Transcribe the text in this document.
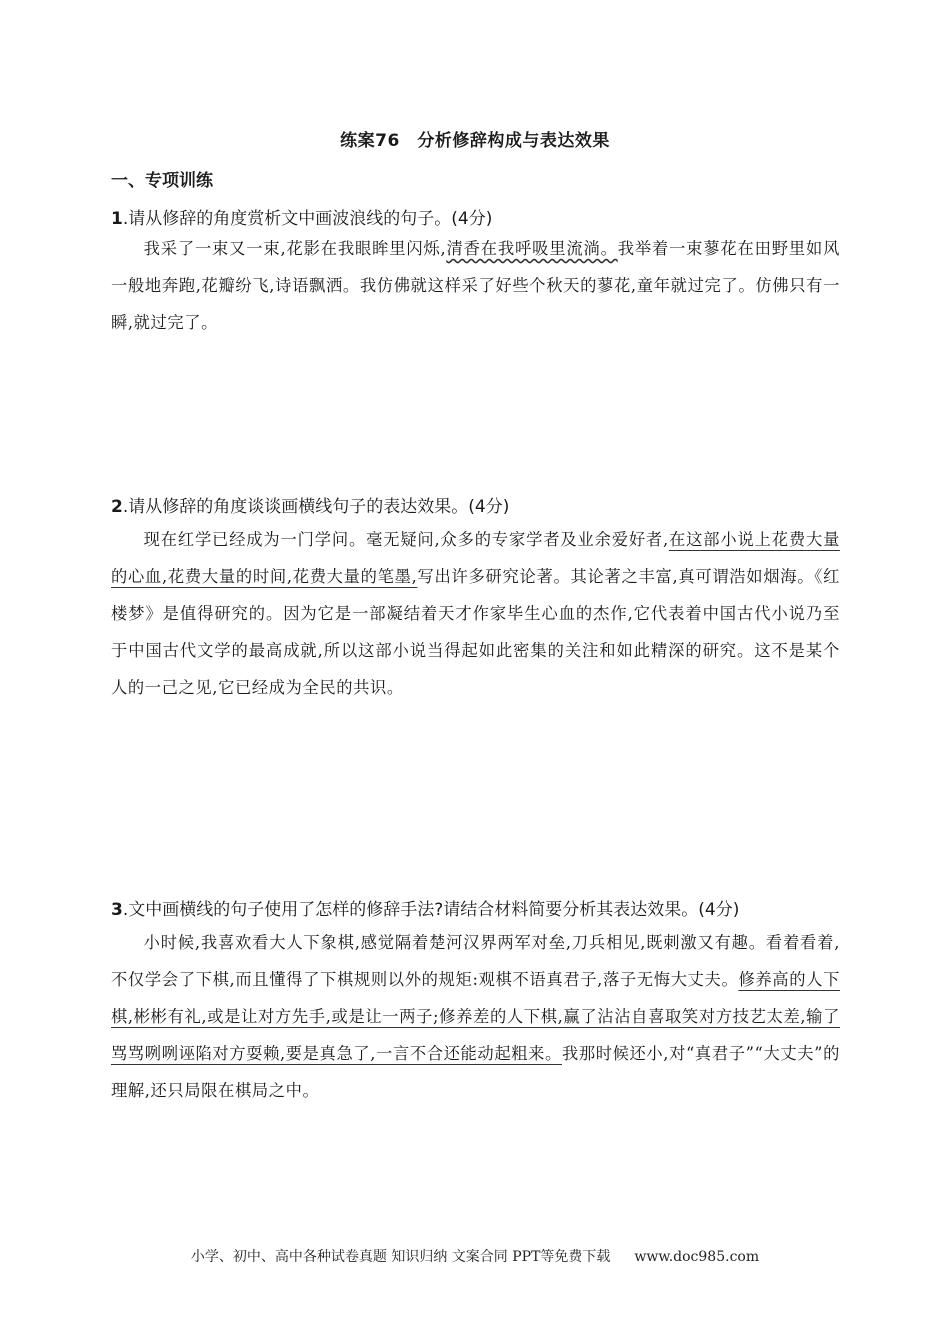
练案76　分析修辞构成与表达效果
一、专项训练
1.请从修辞的角度赏析文中画波浪线的句子。(4分)
我采了一束又一束,花影在我眼眸里闪烁,清香在我呼吸里流淌。我举着一束蓼花在田野里如风一般地奔跑,花瓣纷飞,诗语飘洒。我仿佛就这样采了好些个秋天的蓼花,童年就过完了。仿佛只有一瞬,就过完了。
2.请从修辞的角度谈谈画横线句子的表达效果。(4分)
现在红学已经成为一门学问。毫无疑问,众多的专家学者及业余爱好者,在这部小说上花费大量的心血,花费大量的时间,花费大量的笔墨,写出许多研究论著。其论著之丰富,真可谓浩如烟海。《红楼梦》是值得研究的。因为它是一部凝结着天才作家毕生心血的杰作,它代表着中国古代小说乃至于中国古代文学的最高成就,所以这部小说当得起如此密集的关注和如此精深的研究。这不是某个人的一己之见,它已经成为全民的共识。
3.文中画横线的句子使用了怎样的修辞手法?请结合材料简要分析其表达效果。(4分)
小时候,我喜欢看大人下象棋,感觉隔着楚河汉界两军对垒,刀兵相见,既刺激又有趣。看着看着,不仅学会了下棋,而且懂得了下棋规则以外的规矩:观棋不语真君子,落子无悔大丈夫。修养高的人下棋,彬彬有礼,或是让对方先手,或是让一两子;修养差的人下棋,赢了沾沾自喜取笑对方技艺太差,输了骂骂咧咧诬陷对方耍赖,要是真急了,一言不合还能动起粗来。我那时候还小,对“真君子”“大丈夫”的理解,还只局限在棋局之中。
小学、初中、高中各种试卷真题 知识归纳 文案合同 PPT等免费下载 www.doc985.com
